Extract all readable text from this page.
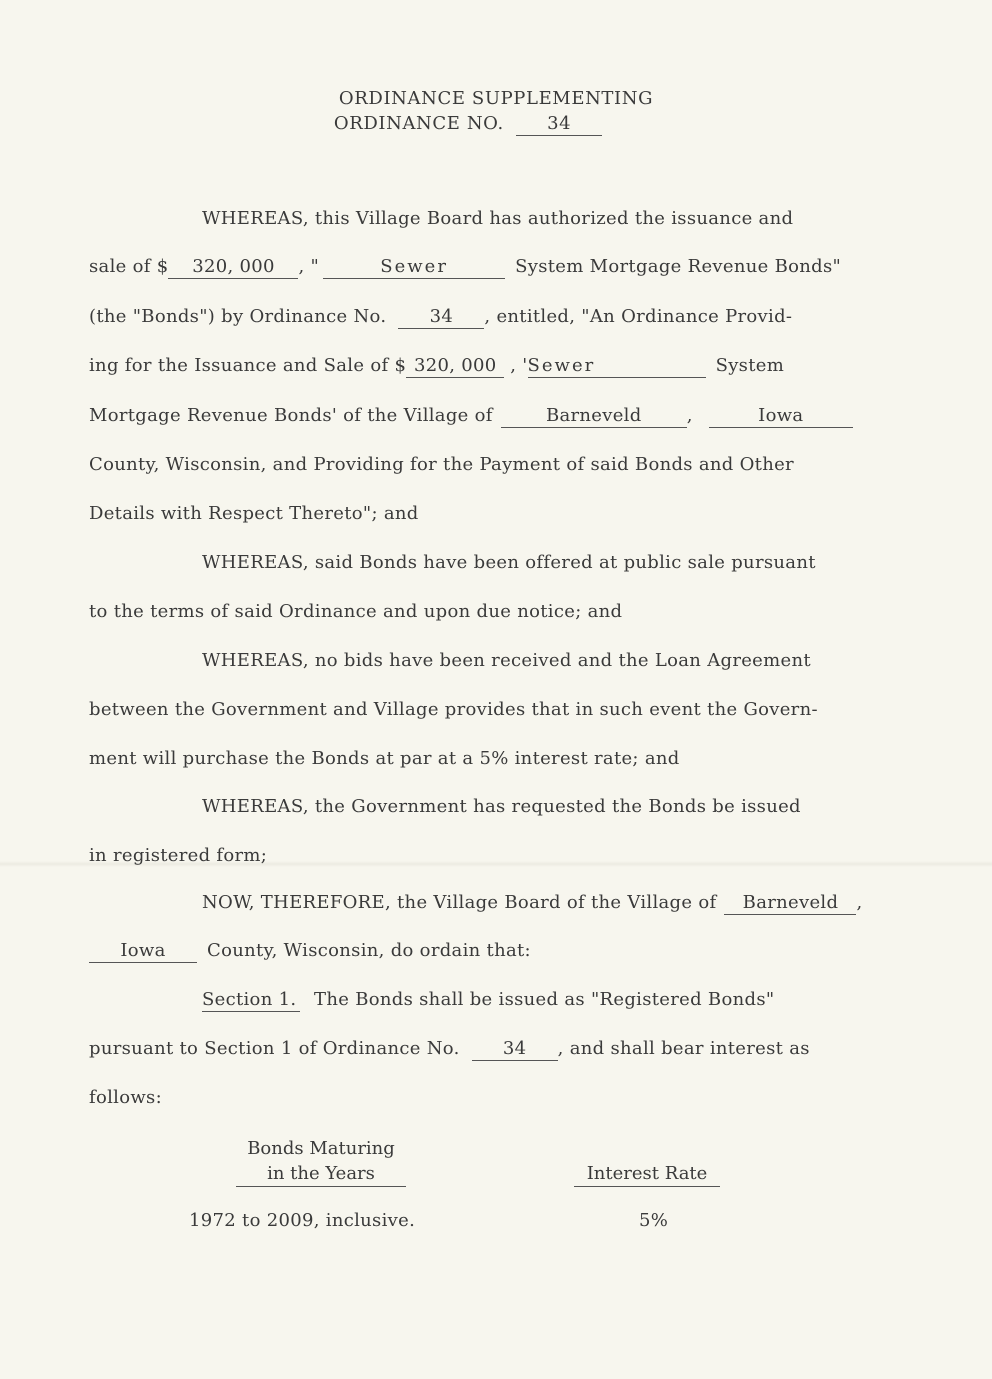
ORDINANCE SUPPLEMENTING
ORDINANCE NO. 34
WHEREAS, this Village Board has authorized the issuance and
sale of $ 320, 000 , "	Sewer	System Mortgage Revenue Bonds"
(the "Bonds") by Ordinance No. 34 , entitled, "An Ordinance Provid-
ing for the Issuance and Sale of $ 320, 000 , 'Sewer	System
Mortgage Revenue Bonds' of the Village of	Barneveld	,	Iowa
County, Wisconsin, and Providing for the Payment of said Bonds and Other
Details with Respect Thereto"; and
WHEREAS, said Bonds have been offered at public sale pursuant
to the terms of said Ordinance and upon due notice; and
WHEREAS, no bids have been received and the Loan Agreement
between the Government and Village provides that in such event the Govern-
ment will purchase the Bonds at par at a 5% interest rate; and
WHEREAS, the Government has requested the Bonds be issued
in registered form;
NOW, THEREFORE, the Village Board of the Village of Barneveld ,
Iowa County, Wisconsin, do ordain that:
Section 1. The Bonds shall be issued as "Registered Bonds"
pursuant to Section 1 of Ordinance No. 34 , and shall bear interest as
follows:
Bonds Maturing
in the Years	Interest Rate
1972 to 2009, inclusive.	5%
